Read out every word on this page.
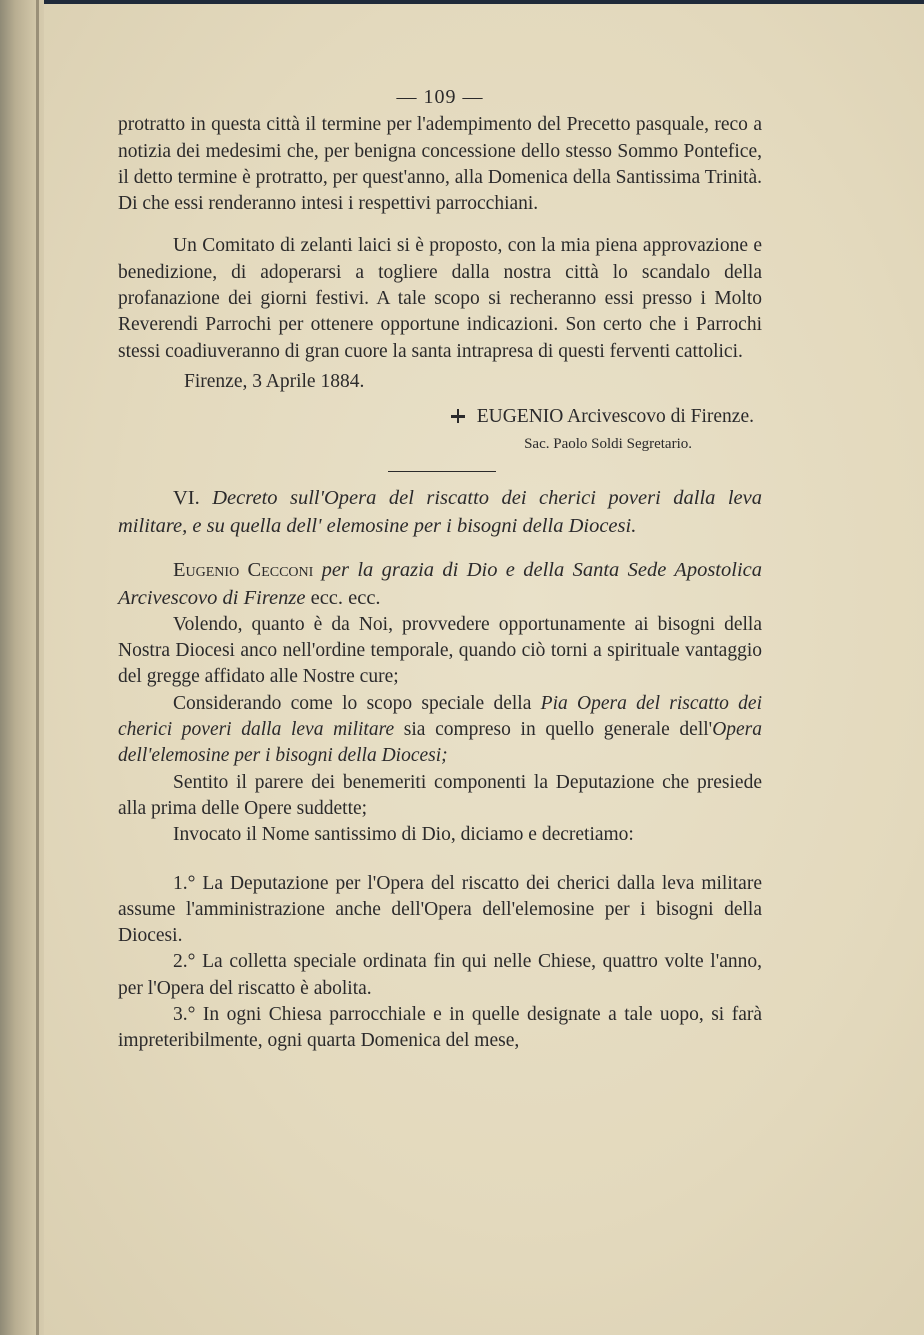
— 109 —

protratto in questa città il termine per l'adempimento del Precetto pasquale, reco a notizia dei medesimi che, per benigna concessione dello stesso Sommo Pontefice, il detto termine è protratto, per quest'anno, alla Domenica della Santissima Trinità. Di che essi renderanno intesi i respettivi parrocchiani.

Un Comitato di zelanti laici si è proposto, con la mia piena approvazione e benedizione, di adoperarsi a togliere dalla nostra città lo scandalo della profanazione dei giorni festivi. A tale scopo si recheranno essi presso i Molto Reverendi Parrochi per ottenere opportune indicazioni. Son certo che i Parrochi stessi coadiuveranno di gran cuore la santa intrapresa di questi ferventi cattolici.

Firenze, 3 Aprile 1884.

EUGENIO Arcivescovo di Firenze.

Sac. Paolo Soldi Segretario.

VI. Decreto sull'Opera del riscatto dei cherici poveri dalla leva militare, e su quella dell' elemosine per i bisogni della Diocesi.

Eugenio Cecconi per la grazia di Dio e della Santa Sede Apostolica Arcivescovo di Firenze ecc. ecc.

Volendo, quanto è da Noi, provvedere opportunamente ai bisogni della Nostra Diocesi anco nell'ordine temporale, quando ciò torni a spirituale vantaggio del gregge affidato alle Nostre cure;

Considerando come lo scopo speciale della Pia Opera del riscatto dei cherici poveri dalla leva militare sia compreso in quello generale dell'Opera dell'elemosine per i bisogni della Diocesi;

Sentito il parere dei benemeriti componenti la Deputazione che presiede alla prima delle Opere suddette;

Invocato il Nome santissimo di Dio, diciamo e decretiamo:

1.° La Deputazione per l'Opera del riscatto dei cherici dalla leva militare assume l'amministrazione anche dell'Opera dell'elemosine per i bisogni della Diocesi.

2.° La colletta speciale ordinata fin qui nelle Chiese, quattro volte l'anno, per l'Opera del riscatto è abolita.

3.° In ogni Chiesa parrocchiale e in quelle designate a tale uopo, si farà impreteribilmente, ogni quarta Domenica del mese,
